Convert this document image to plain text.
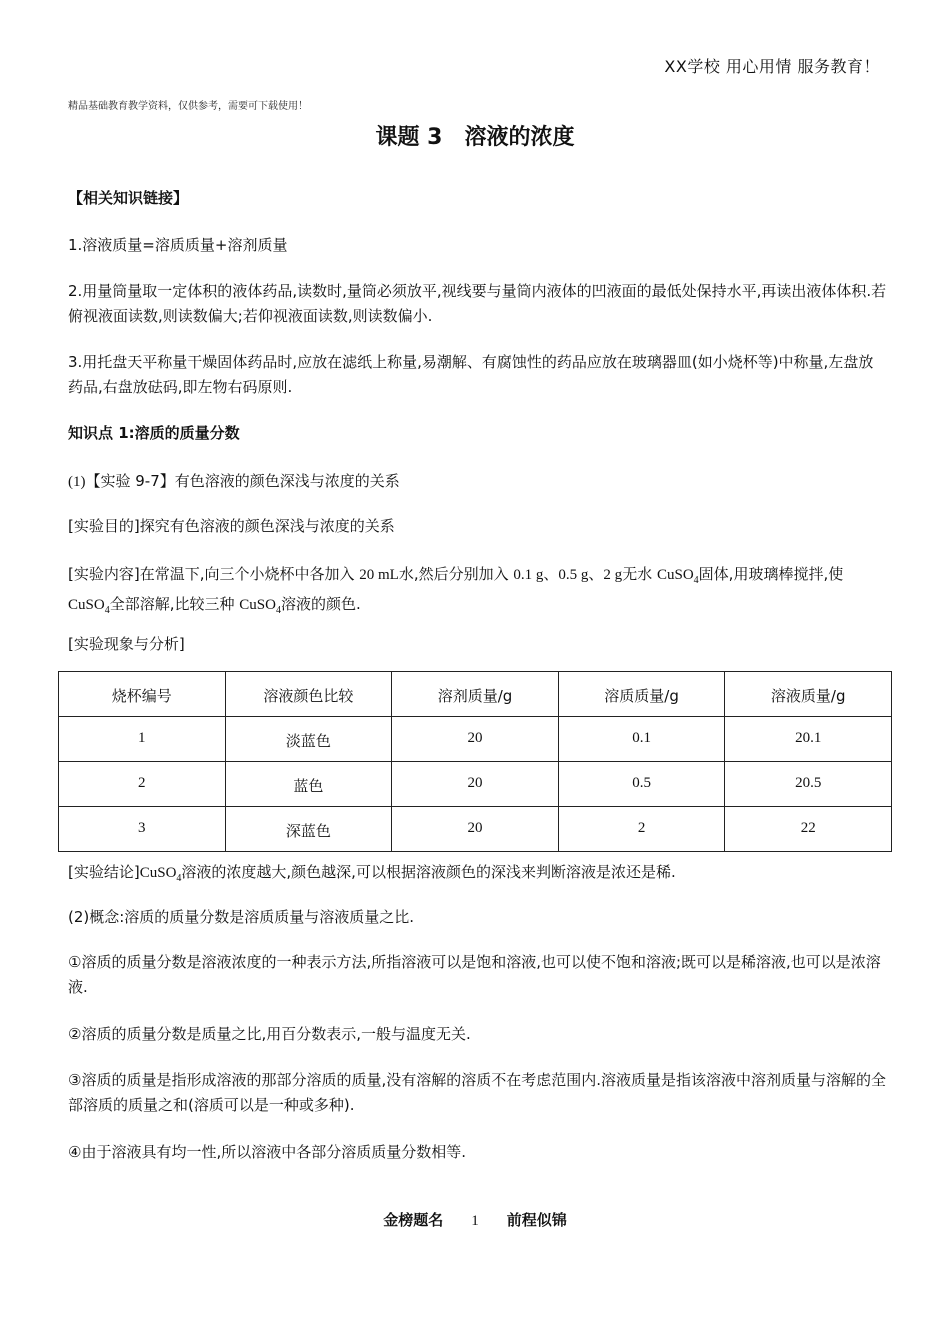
XX学校 用心用情 服务教育！
精品基础教育教学资料，仅供参考，需要可下载使用！
课题 3 溶液的浓度
【相关知识链接】
1.溶液质量=溶质质量+溶剂质量
2.用量筒量取一定体积的液体药品,读数时,量筒必须放平,视线要与量筒内液体的凹液面的最低处保持水平,再读出液体体积.若俯视液面读数,则读数偏大;若仰视液面读数,则读数偏小.
3.用托盘天平称量干燥固体药品时,应放在滤纸上称量,易潮解、有腐蚀性的药品应放在玻璃器皿(如小烧杯等)中称量,左盘放药品,右盘放砝码,即左物右码原则.
知识点 1:溶质的质量分数
(1)【实验 9-7】有色溶液的颜色深浅与浓度的关系
[实验目的]探究有色溶液的颜色深浅与浓度的关系
[实验内容]在常温下,向三个小烧杯中各加入 20 mL水,然后分别加入 0.1 g、0.5 g、2 g无水 CuSO$_4$固体,用玻璃棒搅拌,使 CuSO$_4$全部溶解,比较三种 CuSO$_4$溶液的颜色.
[实验现象与分析]
烧杯编号	溶液颜色比较	溶剂质量/g	溶质质量/g	溶液质量/g
1	淡蓝色	20	0.1	20.1
2	蓝色	20	0.5	20.5
3	深蓝色	20	2	22
[实验结论]CuSO$_4$溶液的浓度越大,颜色越深,可以根据溶液颜色的深浅来判断溶液是浓还是稀.
(2)概念:溶质的质量分数是溶质质量与溶液质量之比.
①溶质的质量分数是溶液浓度的一种表示方法,所指溶液可以是饱和溶液,也可以使不饱和溶液;既可以是稀溶液,也可以是浓溶液.
②溶质的质量分数是质量之比,用百分数表示,一般与温度无关.
③溶质的质量是指形成溶液的那部分溶质的质量,没有溶解的溶质不在考虑范围内.溶液质量是指该溶液中溶剂质量与溶解的全部溶质的质量之和(溶质可以是一种或多种).
④由于溶液具有均一性,所以溶液中各部分溶质质量分数相等.
金榜题名 1 前程似锦
